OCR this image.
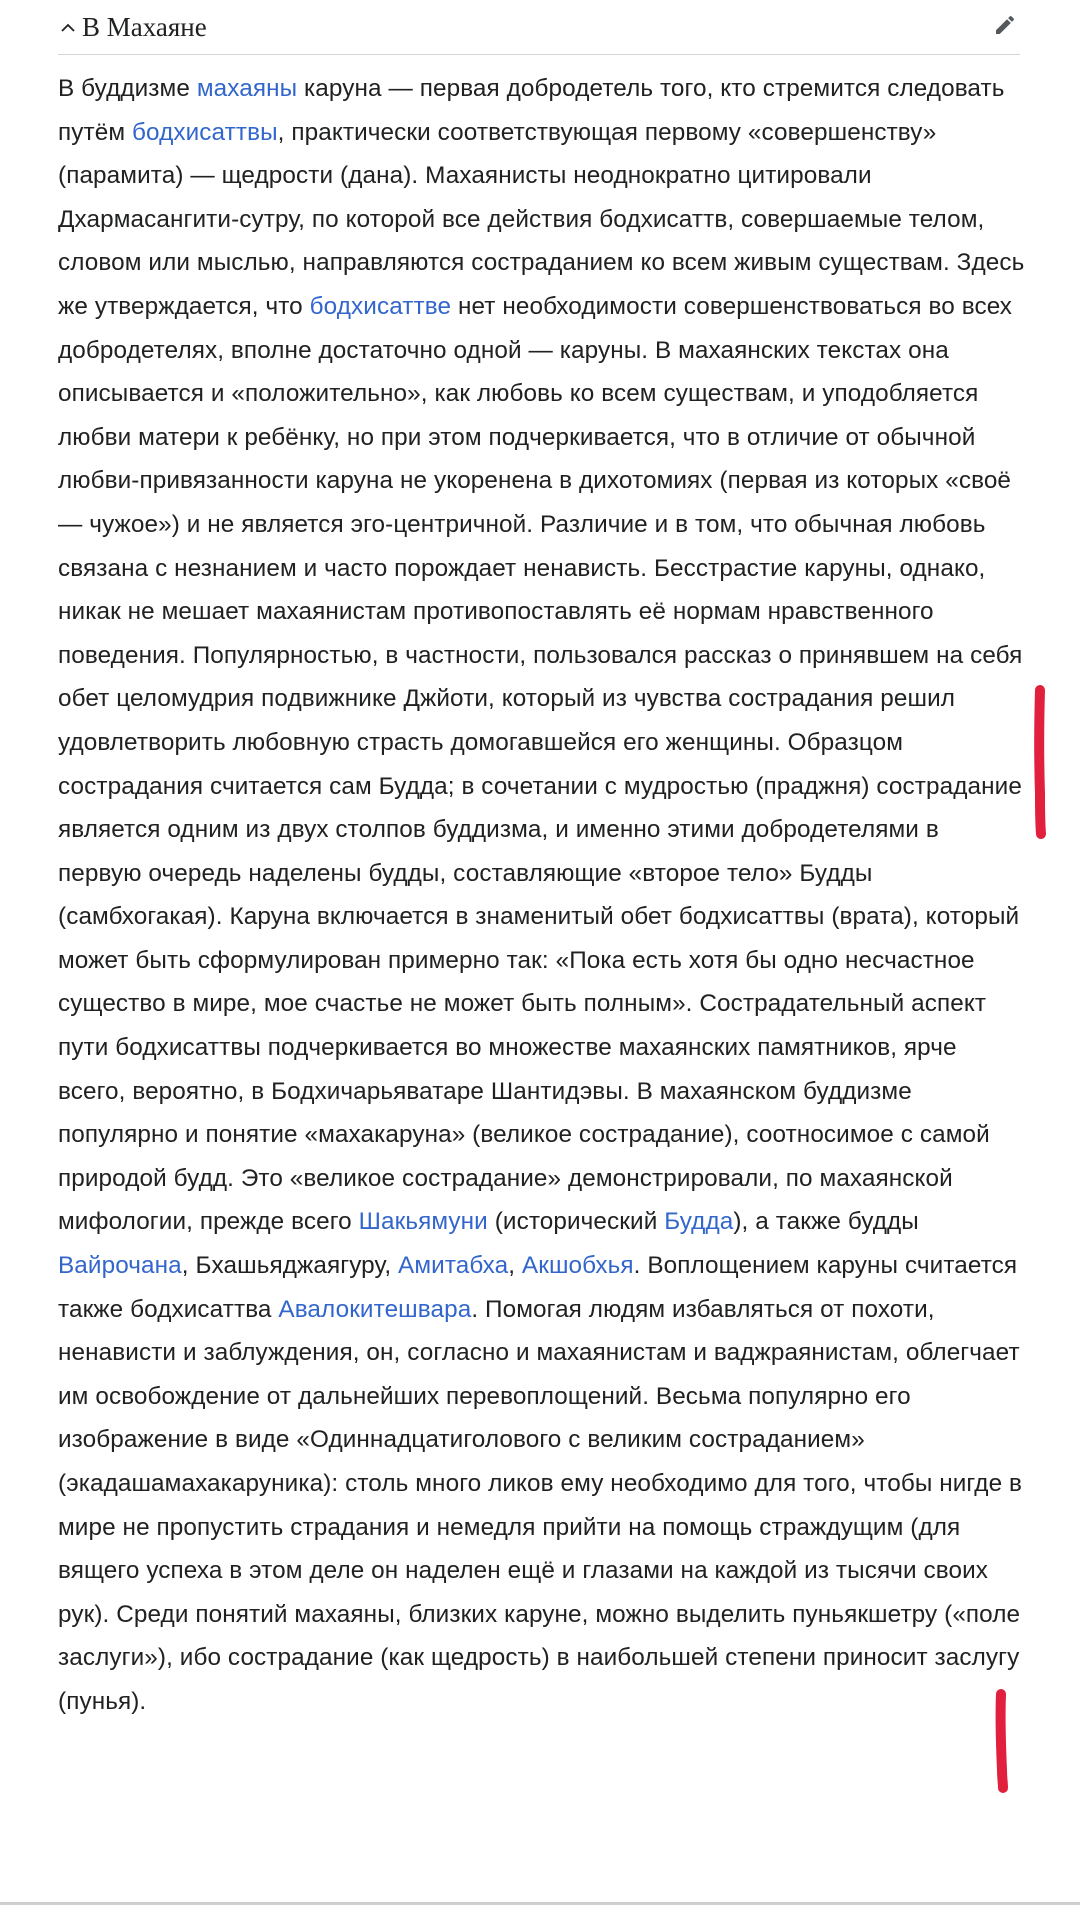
В Махаяне

В буддизме махаяны каруна — первая добродетель того, кто стремится следовать путём бодхисаттвы, практически соответствующая первому «совершенству» (парамита) — щедрости (дана). Махаянисты неоднократно цитировали Дхармасангити-сутру, по которой все действия бодхисаттв, совершаемые телом, словом или мыслью, направляются состраданием ко всем живым существам. Здесь же утверждается, что бодхисаттве нет необходимости совершенствоваться во всех добродетелях, вполне достаточно одной — каруны. В махаянских текстах она описывается и «положительно», как любовь ко всем существам, и уподобляется любви матери к ребёнку, но при этом подчеркивается, что в отличие от обычной любви-привязанности каруна не укоренена в дихотомиях (первая из которых «своё — чужое») и не является эго-центричной. Различие и в том, что обычная любовь связана с незнанием и часто порождает ненависть. Бесстрастие каруны, однако, никак не мешает махаянистам противопоставлять её нормам нравственного поведения. Популярностью, в частности, пользовался рассказ о принявшем на себя обет целомудрия подвижнике Джйоти, который из чувства сострадания решил удовлетворить любовную страсть домогавшейся его женщины. Образцом сострадания считается сам Будда; в сочетании с мудростью (праджня) сострадание является одним из двух столпов буддизма, и именно этими добродетелями в первую очередь наделены будды, составляющие «второе тело» Будды (самбхогакая). Каруна включается в знаменитый обет бодхисаттвы (врата), который может быть сформулирован примерно так: «Пока есть хотя бы одно несчастное существо в мире, мое счастье не может быть полным». Сострадательный аспект пути бодхисаттвы подчеркивается во множестве махаянских памятников, ярче всего, вероятно, в Бодхичарьяватаре Шантидэвы. В махаянском буддизме популярно и понятие «махакаруна» (великое сострадание), соотносимое с самой природой будд. Это «великое сострадание» демонстрировали, по махаянской мифологии, прежде всего Шакьямуни (исторический Будда), а также будды Вайрочана, Бхашьяджаягуру, Амитабха, Акшобхья. Воплощением каруны считается также бодхисаттва Авалокитешвара. Помогая людям избавляться от похоти, ненависти и заблуждения, он, согласно и махаянистам и ваджраянистам, облегчает им освобождение от дальнейших перевоплощений. Весьма популярно его изображение в виде «Одиннадцатиголового с великим состраданием» (экадашамахакаруника): столь много ликов ему необходимо для того, чтобы нигде в мире не пропустить страдания и немедля прийти на помощь страждущим (для вящего успеха в этом деле он наделен ещё и глазами на каждой из тысячи своих рук). Среди понятий махаяны, близких каруне, можно выделить пуньякшетру («поле заслуги»), ибо сострадание (как щедрость) в наибольшей степени приносит заслугу (пунья).
